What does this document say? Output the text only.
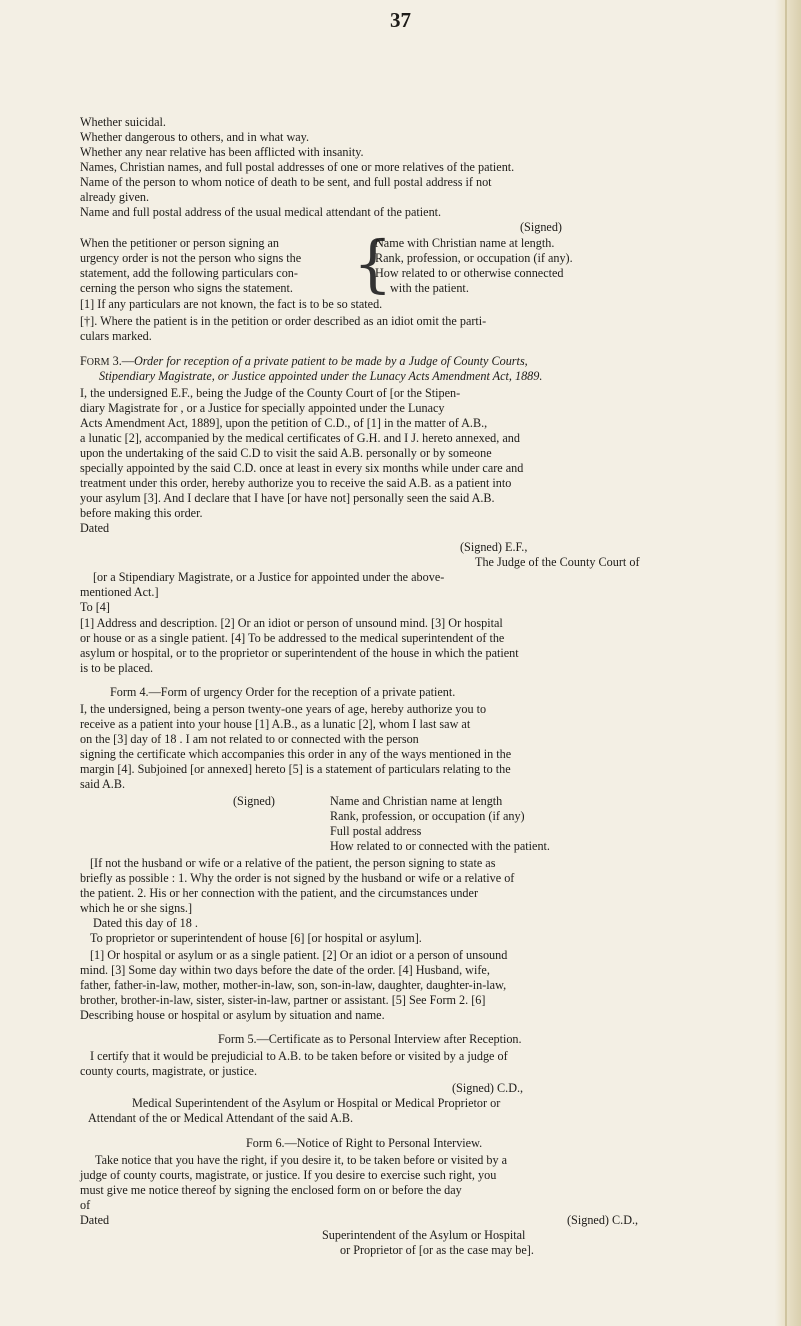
37
Whether suicidal.
Whether dangerous to others, and in what way.
Whether any near relative has been afflicted with insanity.
Names, Christian names, and full postal addresses of one or more relatives of the patient.
Name of the person to whom notice of death to be sent, and full postal address if not
already given.
Name and full postal address of the usual medical attendant of the patient.
(Signed)
When the petitioner or person signing an
urgency order is not the person who signs the
statement, add the following particulars con-
cerning the person who signs the statement. {
Name with Christian name at length.
Rank, profession, or occupation (if any).
How related to or otherwise connected
with the patient.
[1] If any particulars are not known, the fact is to be so stated.
[†]. Where the patient is in the petition or order described as an idiot omit the parti-
culars marked.
FORM 3.—Order for reception of a private patient to be made by a Judge of County Courts,
Stipendiary Magistrate, or Justice appointed under the Lunacy Acts Amendment Act, 1889.
I, the undersigned E.F., being the Judge of the County Court of [or the Stipen-
diary Magistrate for , or a Justice for specially appointed under the Lunacy
Acts Amendment Act, 1889], upon the petition of C.D., of [1] in the matter of A.B.,
a lunatic [2], accompanied by the medical certificates of G.H. and I J. hereto annexed, and
upon the undertaking of the said C.D to visit the said A.B. personally or by someone
specially appointed by the said C.D. once at least in every six months while under care and
treatment under this order, hereby authorize you to receive the said A.B. as a patient into
your asylum [3]. And I declare that I have [or have not] personally seen the said A.B.
before making this order.
Dated
(Signed) E.F.,
The Judge of the County Court of
[or a Stipendiary Magistrate, or a Justice for appointed under the above-
mentioned Act.]
To [4]
[1] Address and description. [2] Or an idiot or person of unsound mind. [3] Or hospital
or house or as a single patient. [4] To be addressed to the medical superintendent of the
asylum or hospital, or to the proprietor or superintendent of the house in which the patient
is to be placed.
Form 4.—Form of urgency Order for the reception of a private patient.
I, the undersigned, being a person twenty-one years of age, hereby authorize you to
receive as a patient into your house [1] A.B., as a lunatic [2], whom I last saw at
on the [3] day of 18 . I am not related to or connected with the person
signing the certificate which accompanies this order in any of the ways mentioned in the
margin [4]. Subjoined [or annexed] hereto [5] is a statement of particulars relating to the
said A.B.
(Signed)	Name and Christian name at length
Rank, profession, or occupation (if any)
Full postal address
How related to or connected with the patient.
[If not the husband or wife or a relative of the patient, the person signing to state as
briefly as possible : 1. Why the order is not signed by the husband or wife or a relative of
the patient. 2. His or her connection with the patient, and the circumstances under
which he or she signs.]
Dated this day of 18 .
To proprietor or superintendent of house [6] [or hospital or asylum].
[1] Or hospital or asylum or as a single patient. [2] Or an idiot or a person of unsound
mind. [3] Some day within two days before the date of the order. [4] Husband, wife,
father, father-in-law, mother, mother-in-law, son, son-in-law, daughter, daughter-in-law,
brother, brother-in-law, sister, sister-in-law, partner or assistant. [5] See Form 2. [6]
Describing house or hospital or asylum by situation and name.
Form 5.—Certificate as to Personal Interview after Reception.
I certify that it would be prejudicial to A.B. to be taken before or visited by a judge of
county courts, magistrate, or justice.
(Signed) C.D.,
Medical Superintendent of the Asylum or Hospital or Medical Proprietor or
Attendant of the or Medical Attendant of the said A.B.
Form 6.—Notice of Right to Personal Interview.
Take notice that you have the right, if you desire it, to be taken before or visited by a
judge of county courts, magistrate, or justice. If you desire to exercise such right, you
must give me notice thereof by signing the enclosed form on or before the day
of
Dated	(Signed) C.D.,
Superintendent of the Asylum or Hospital
or Proprietor of [or as the case may be].
